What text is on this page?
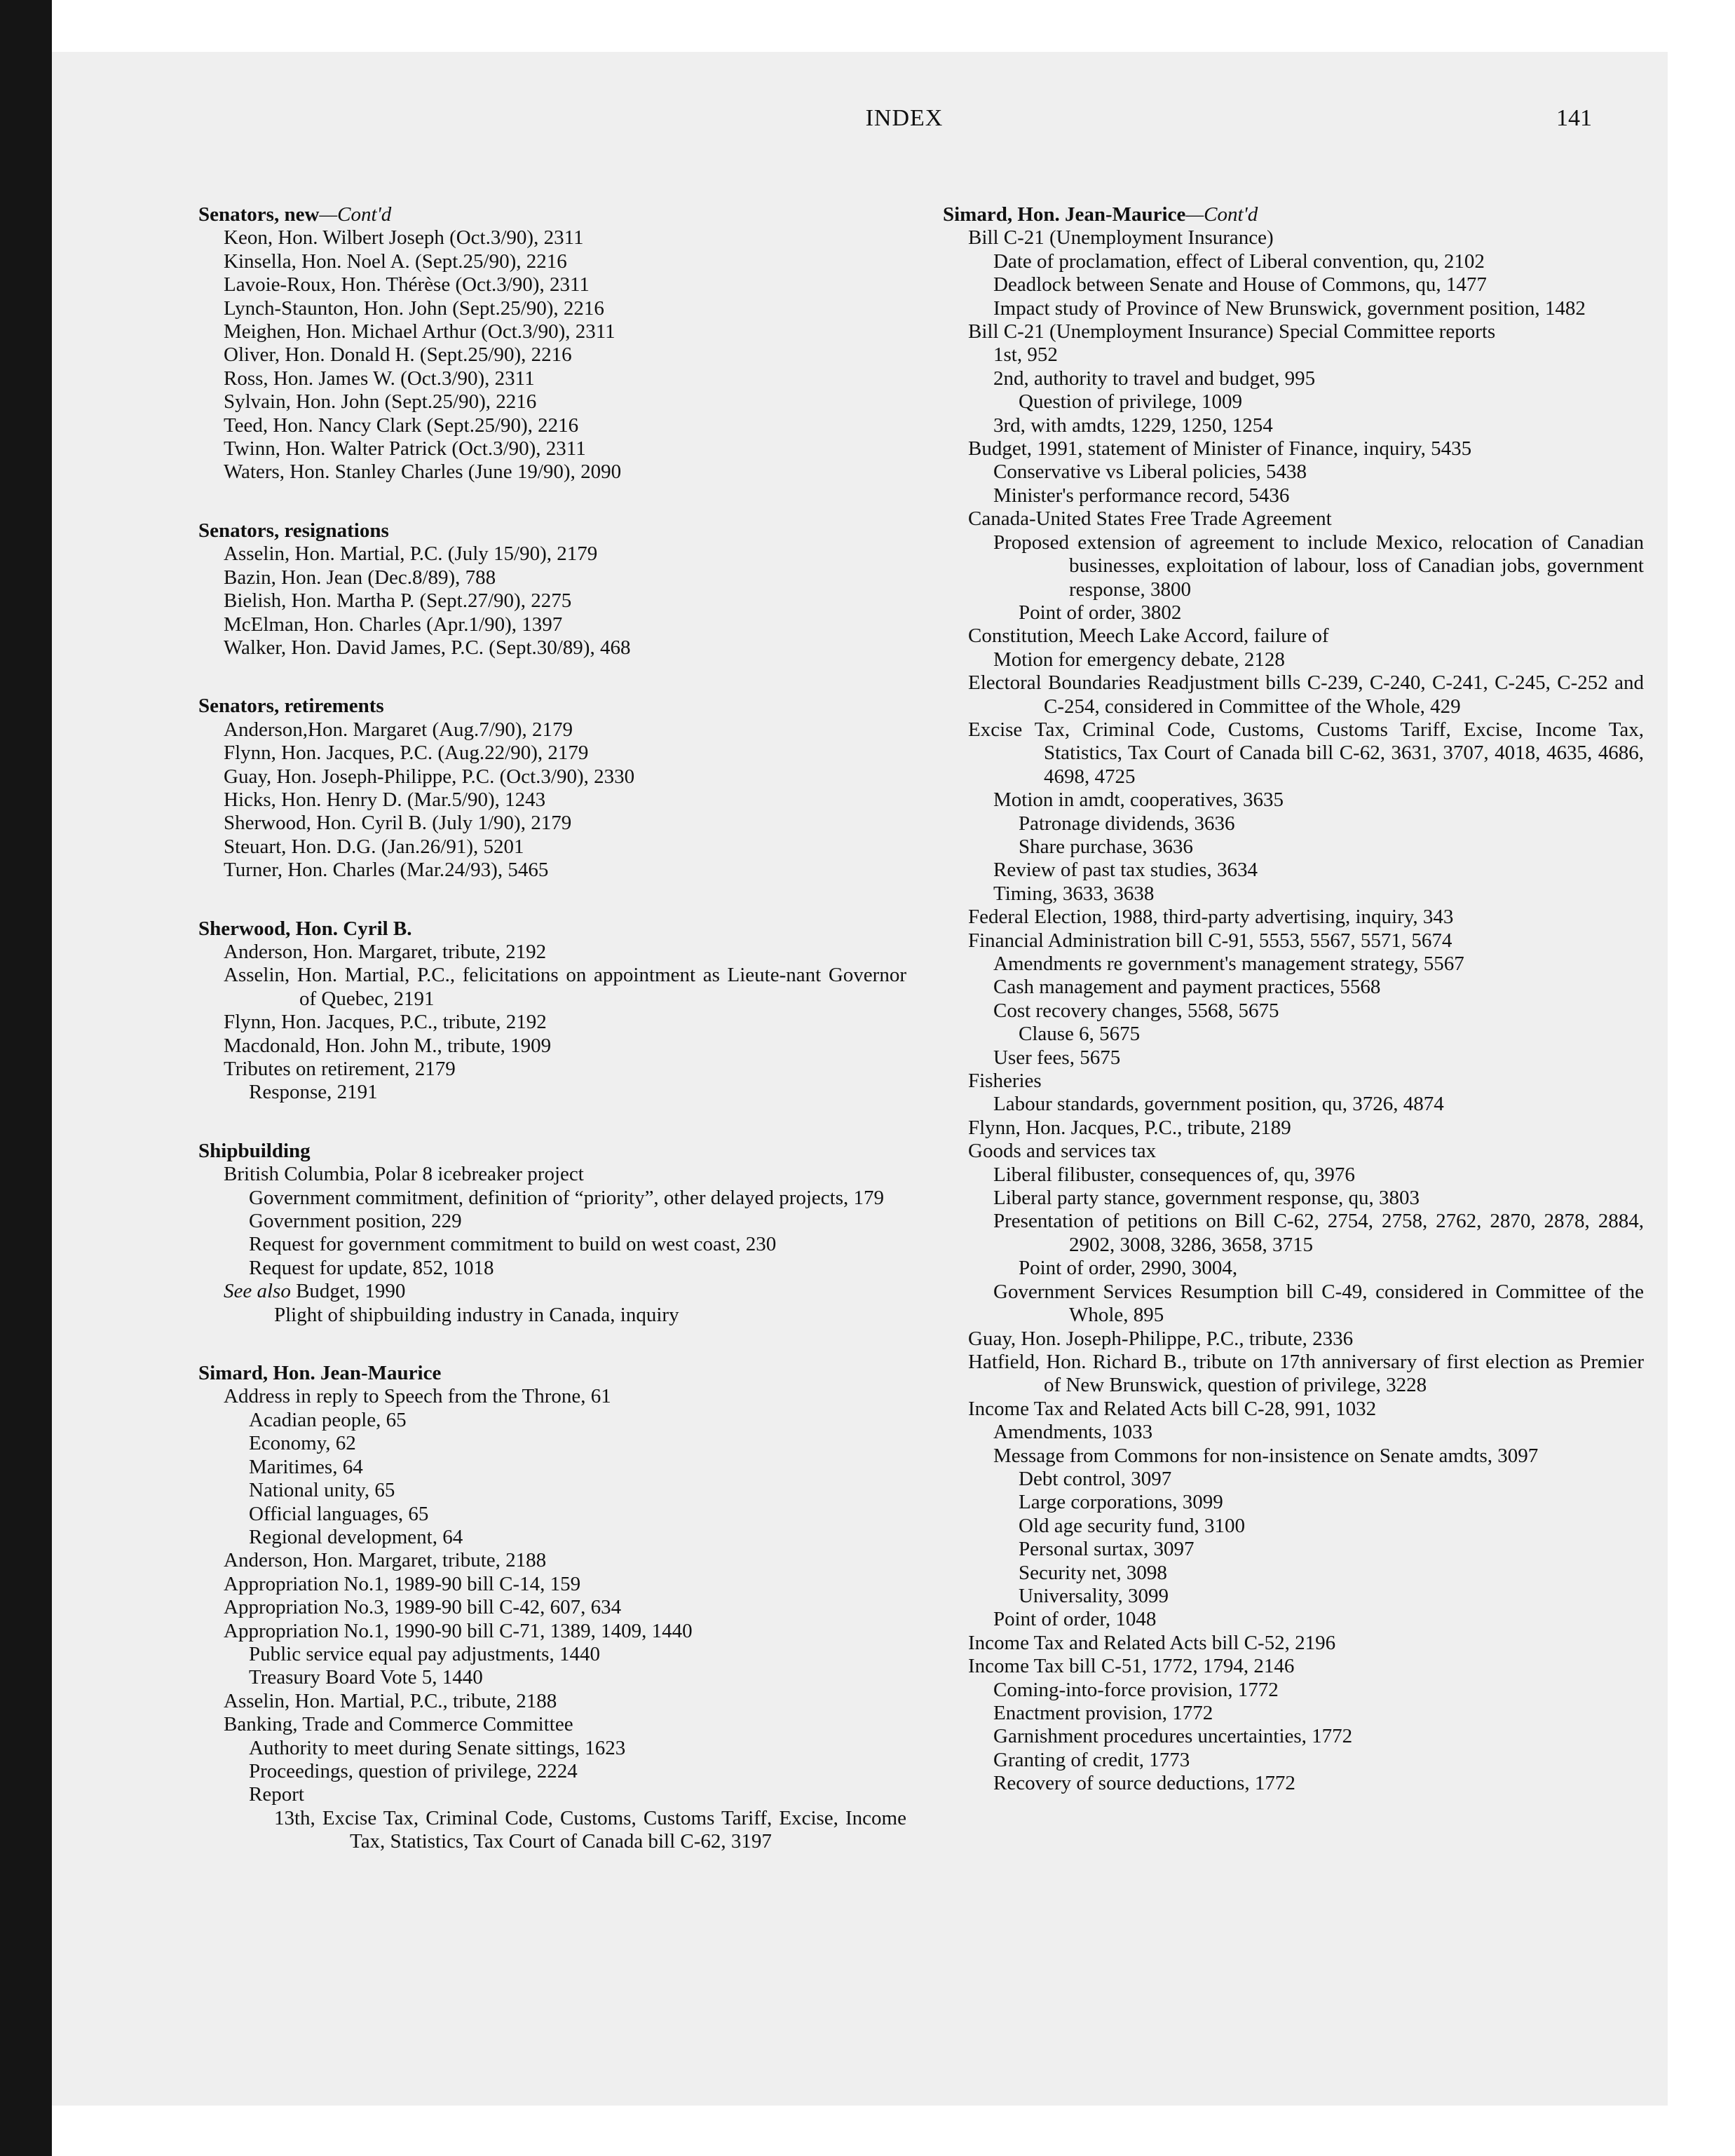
INDEX	141
Senators, new—Cont'd
Keon, Hon. Wilbert Joseph (Oct.3/90), 2311
Kinsella, Hon. Noel A. (Sept.25/90), 2216
Lavoie-Roux, Hon. Thérèse (Oct.3/90), 2311
Lynch-Staunton, Hon. John (Sept.25/90), 2216
Meighen, Hon. Michael Arthur (Oct.3/90), 2311
Oliver, Hon. Donald H. (Sept.25/90), 2216
Ross, Hon. James W. (Oct.3/90), 2311
Sylvain, Hon. John (Sept.25/90), 2216
Teed, Hon. Nancy Clark (Sept.25/90), 2216
Twinn, Hon. Walter Patrick (Oct.3/90), 2311
Waters, Hon. Stanley Charles (June 19/90), 2090
Senators, resignations
Asselin, Hon. Martial, P.C. (July 15/90), 2179
Bazin, Hon. Jean (Dec.8/89), 788
Bielish, Hon. Martha P. (Sept.27/90), 2275
McElman, Hon. Charles (Apr.1/90), 1397
Walker, Hon. David James, P.C. (Sept.30/89), 468
Senators, retirements
Anderson,Hon. Margaret (Aug.7/90), 2179
Flynn, Hon. Jacques, P.C. (Aug.22/90), 2179
Guay, Hon. Joseph-Philippe, P.C. (Oct.3/90), 2330
Hicks, Hon. Henry D. (Mar.5/90), 1243
Sherwood, Hon. Cyril B. (July 1/90), 2179
Steuart, Hon. D.G. (Jan.26/91), 5201
Turner, Hon. Charles (Mar.24/93), 5465
Sherwood, Hon. Cyril B.
Anderson, Hon. Margaret, tribute, 2192
Asselin, Hon. Martial, P.C., felicitations on appointment as Lieute-nant Governor of Quebec, 2191
Flynn, Hon. Jacques, P.C., tribute, 2192
Macdonald, Hon. John M., tribute, 1909
Tributes on retirement, 2179
Response, 2191
Shipbuilding
British Columbia, Polar 8 icebreaker project
Government commitment, definition of “priority”, other delayed projects, 179
Government position, 229
Request for government commitment to build on west coast, 230
Request for update, 852, 1018
See also Budget, 1990
Plight of shipbuilding industry in Canada, inquiry
Simard, Hon. Jean-Maurice
Address in reply to Speech from the Throne, 61
Acadian people, 65
Economy, 62
Maritimes, 64
National unity, 65
Official languages, 65
Regional development, 64
Anderson, Hon. Margaret, tribute, 2188
Appropriation No.1, 1989-90 bill C-14, 159
Appropriation No.3, 1989-90 bill C-42, 607, 634
Appropriation No.1, 1990-90 bill C-71, 1389, 1409, 1440
Public service equal pay adjustments, 1440
Treasury Board Vote 5, 1440
Asselin, Hon. Martial, P.C., tribute, 2188
Banking, Trade and Commerce Committee
Authority to meet during Senate sittings, 1623
Proceedings, question of privilege, 2224
Report
13th, Excise Tax, Criminal Code, Customs, Customs Tariff, Excise, Income Tax, Statistics, Tax Court of Canada bill C-62, 3197
Simard, Hon. Jean-Maurice—Cont'd
Bill C-21 (Unemployment Insurance)
Date of proclamation, effect of Liberal convention, qu, 2102
Deadlock between Senate and House of Commons, qu, 1477
Impact study of Province of New Brunswick, government position, 1482
Bill C-21 (Unemployment Insurance) Special Committee reports
1st, 952
2nd, authority to travel and budget, 995
Question of privilege, 1009
3rd, with amdts, 1229, 1250, 1254
Budget, 1991, statement of Minister of Finance, inquiry, 5435
Conservative vs Liberal policies, 5438
Minister's performance record, 5436
Canada-United States Free Trade Agreement
Proposed extension of agreement to include Mexico, relocation of Canadian businesses, exploitation of labour, loss of Canadian jobs, government response, 3800
Point of order, 3802
Constitution, Meech Lake Accord, failure of
Motion for emergency debate, 2128
Electoral Boundaries Readjustment bills C-239, C-240, C-241, C-245, C-252 and C-254, considered in Committee of the Whole, 429
Excise Tax, Criminal Code, Customs, Customs Tariff, Excise, Income Tax, Statistics, Tax Court of Canada bill C-62, 3631, 3707, 4018, 4635, 4686, 4698, 4725
Motion in amdt, cooperatives, 3635
Patronage dividends, 3636
Share purchase, 3636
Review of past tax studies, 3634
Timing, 3633, 3638
Federal Election, 1988, third-party advertising, inquiry, 343
Financial Administration bill C-91, 5553, 5567, 5571, 5674
Amendments re government's management strategy, 5567
Cash management and payment practices, 5568
Cost recovery changes, 5568, 5675
Clause 6, 5675
User fees, 5675
Fisheries
Labour standards, government position, qu, 3726, 4874
Flynn, Hon. Jacques, P.C., tribute, 2189
Goods and services tax
Liberal filibuster, consequences of, qu, 3976
Liberal party stance, government response, qu, 3803
Presentation of petitions on Bill C-62, 2754, 2758, 2762, 2870, 2878, 2884, 2902, 3008, 3286, 3658, 3715
Point of order, 2990, 3004,
Government Services Resumption bill C-49, considered in Committee of the Whole, 895
Guay, Hon. Joseph-Philippe, P.C., tribute, 2336
Hatfield, Hon. Richard B., tribute on 17th anniversary of first election as Premier of New Brunswick, question of privilege, 3228
Income Tax and Related Acts bill C-28, 991, 1032
Amendments, 1033
Message from Commons for non-insistence on Senate amdts, 3097
Debt control, 3097
Large corporations, 3099
Old age security fund, 3100
Personal surtax, 3097
Security net, 3098
Universality, 3099
Point of order, 1048
Income Tax and Related Acts bill C-52, 2196
Income Tax bill C-51, 1772, 1794, 2146
Coming-into-force provision, 1772
Enactment provision, 1772
Garnishment procedures uncertainties, 1772
Granting of credit, 1773
Recovery of source deductions, 1772
